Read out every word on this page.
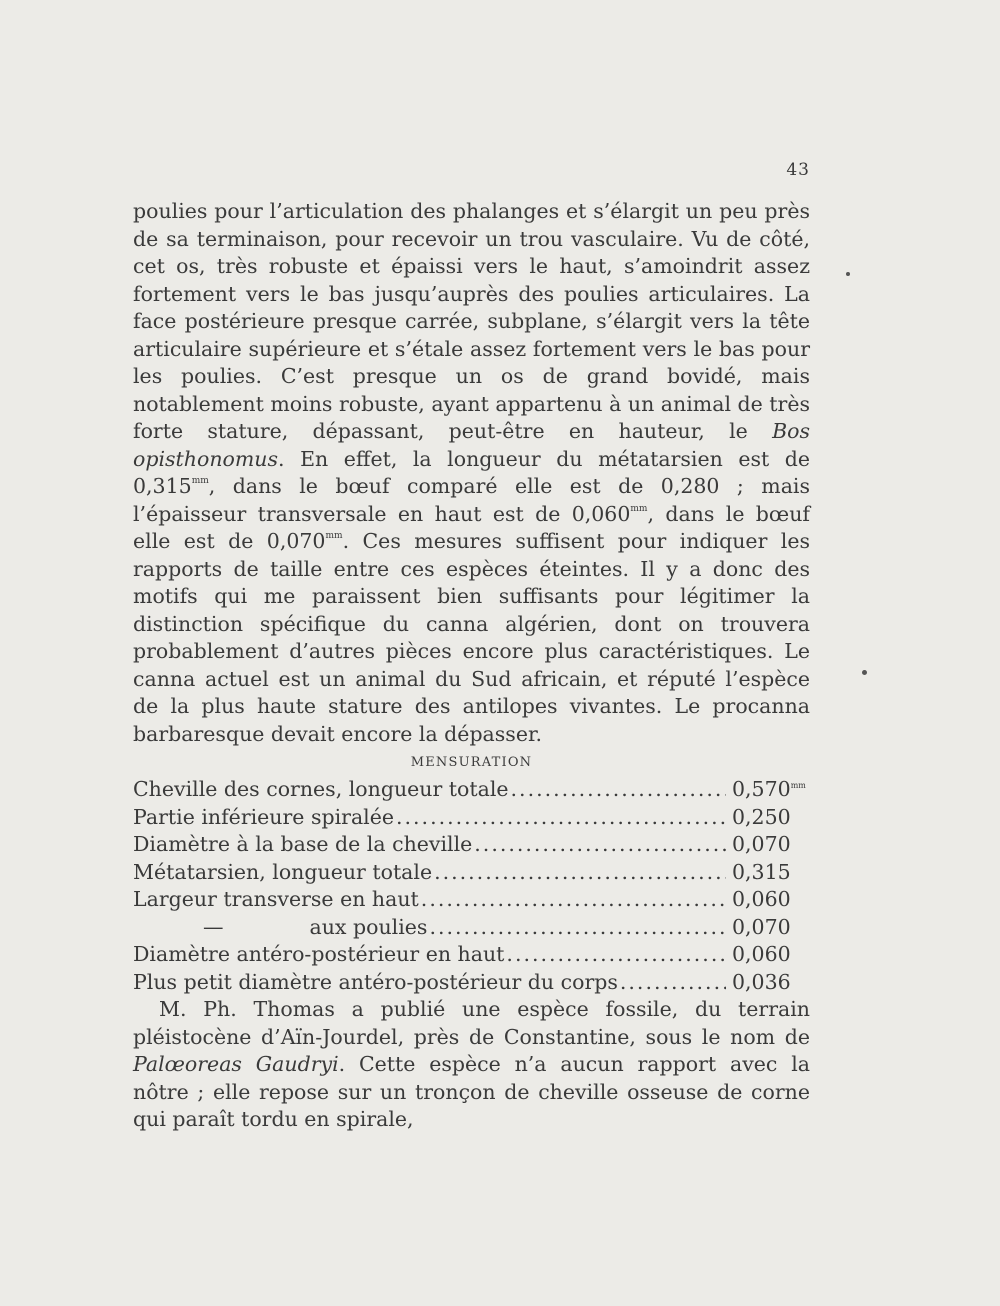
43

poulies pour l’articulation des phalanges et s’élargit un peu près de sa terminaison, pour recevoir un trou vasculaire. Vu de côté, cet os, très robuste et épaissi vers le haut, s’amoindrit assez fortement vers le bas jusqu’auprès des poulies articulaires. La face postérieure presque carrée, subplane, s’élargit vers la tête articulaire supérieure et s’étale assez fortement vers le bas pour les poulies. C’est presque un os de grand bovidé, mais notablement moins robuste, ayant appartenu à un animal de très forte stature, dépassant, peut-être en hauteur, le Bos opisthonomus. En effet, la longueur du métatarsien est de $0,315^{mm}$, dans le bœuf comparé elle est de 0,280 ; mais l’épaisseur transversale en haut est de $0,060^{mm}$, dans le bœuf elle est de $0,070^{mm}$. Ces mesures suffisent pour indiquer les rapports de taille entre ces espèces éteintes. Il y a donc des motifs qui me paraissent bien suffisants pour légitimer la distinction spécifique du canna algérien, dont on trouvera probablement d’autres pièces encore plus caractéristiques. Le canna actuel est un animal du Sud africain, et réputé l’espèce de la plus haute stature des antilopes vivantes. Le procanna barbaresque devait encore la dépasser.

MENSURATION
Cheville des cornes, longueur totale .....	$0,570^{mm}$
Partie inférieure spiralée .....	0,250
Diamètre à la base de la cheville .....	0,070
Métatarsien, longueur totale .....	0,315
Largeur transverse en haut .....	0,060
—	aux poulies .....	0,070
Diamètre antéro-postérieur en haut .....	0,060
Plus petit diamètre antéro-postérieur du corps .....	0,036

M. Ph. Thomas a publié une espèce fossile, du terrain pléistocène d’Aïn-Jourdel, près de Constantine, sous le nom de Palœoreas Gaudryi. Cette espèce n’a aucun rapport avec la nôtre ; elle repose sur un tronçon de cheville osseuse de corne qui paraît tordu en spirale,
